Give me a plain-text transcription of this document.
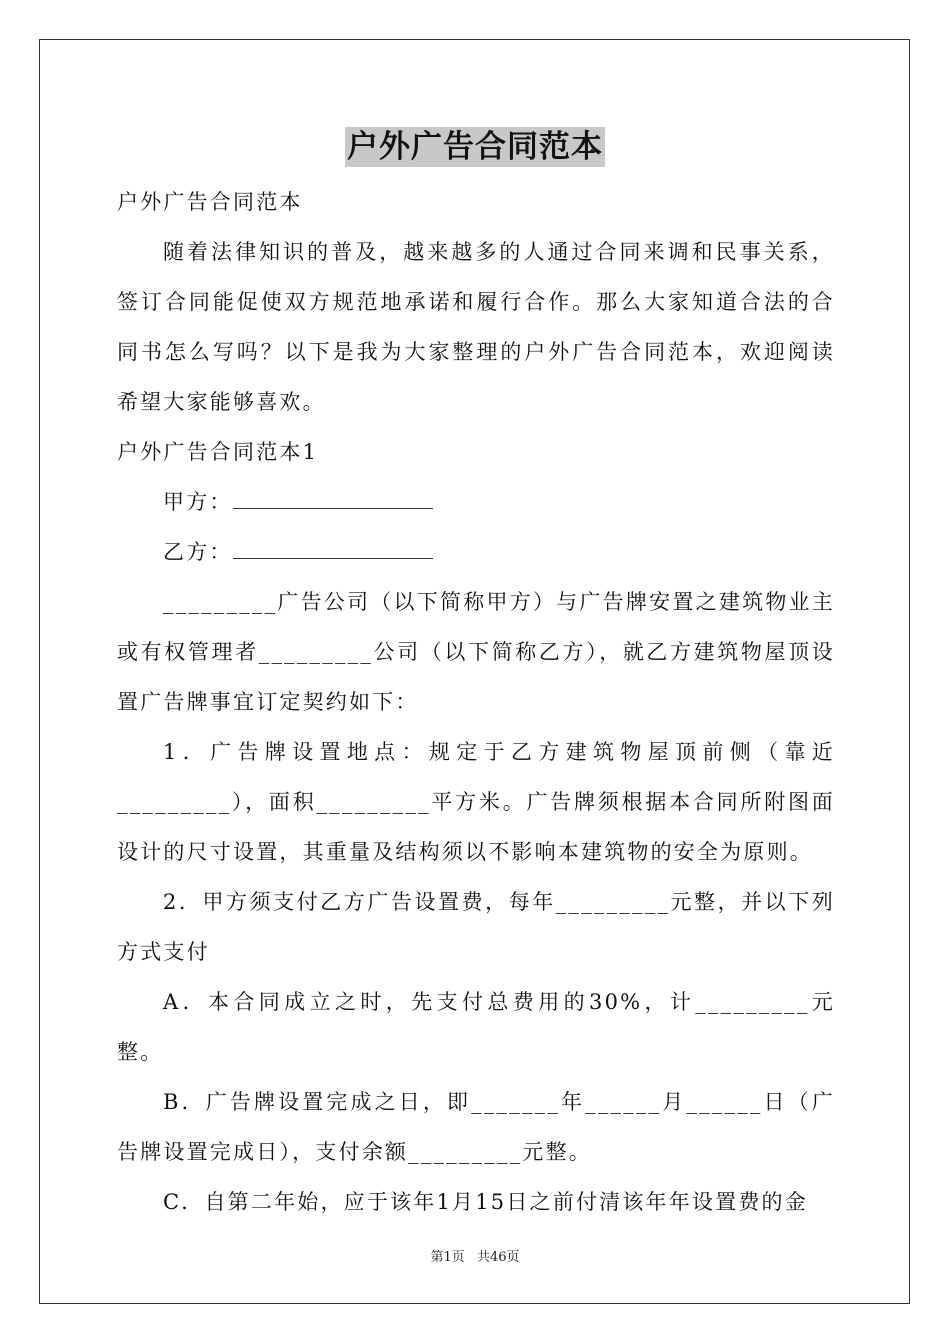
户外广告合同范本

户外广告合同范本

随着法律知识的普及，越来越多的人通过合同来调和民事关系，签订合同能促使双方规范地承诺和履行合作。那么大家知道合法的合同书怎么写吗？以下是我为大家整理的户外广告合同范本，欢迎阅读希望大家能够喜欢。

户外广告合同范本1

甲方：

乙方：

_________广告公司（以下简称甲方）与广告牌安置之建筑物业主或有权管理者_________公司（以下简称乙方），就乙方建筑物屋顶设置广告牌事宜订定契约如下：

1．广告牌设置地点：规定于乙方建筑物屋顶前侧（靠近_________），面积_________平方米。广告牌须根据本合同所附图面设计的尺寸设置，其重量及结构须以不影响本建筑物的安全为原则。

2．甲方须支付乙方广告设置费，每年_________元整，并以下列方式支付

A．本合同成立之时，先支付总费用的30%，计_________元整。

B．广告牌设置完成之日，即_______年______月______日（广告牌设置完成日），支付余额_________元整。

C．自第二年始，应于该年1月15日之前付清该年年设置费的金

第1页 共46页
